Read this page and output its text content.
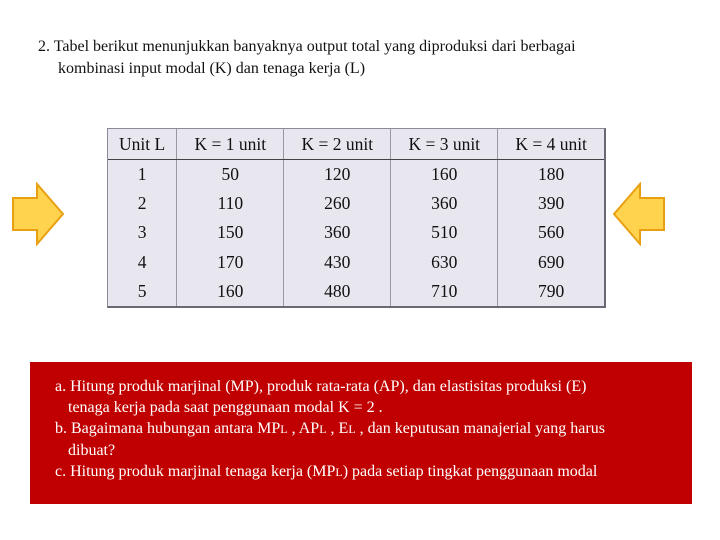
2. Tabel berikut menunjukkan banyaknya output total yang diproduksi dari berbagai
kombinasi input modal (K) dan tenaga kerja (L)
Unit L	K = 1 unit	K = 2 unit	K = 3 unit	K = 4 unit
1	50	120	160	180
2	110	260	360	390
3	150	360	510	560
4	170	430	630	690
5	160	480	710	790
a. Hitung produk marjinal (MP), produk rata-rata (AP), dan elastisitas produksi (E)
tenaga kerja pada saat penggunaan modal K = 2 .
b. Bagaimana hubungan antara MPL , APL , EL , dan keputusan manajerial yang harus
dibuat?
c. Hitung produk marjinal tenaga kerja (MPL) pada setiap tingkat penggunaan modal
